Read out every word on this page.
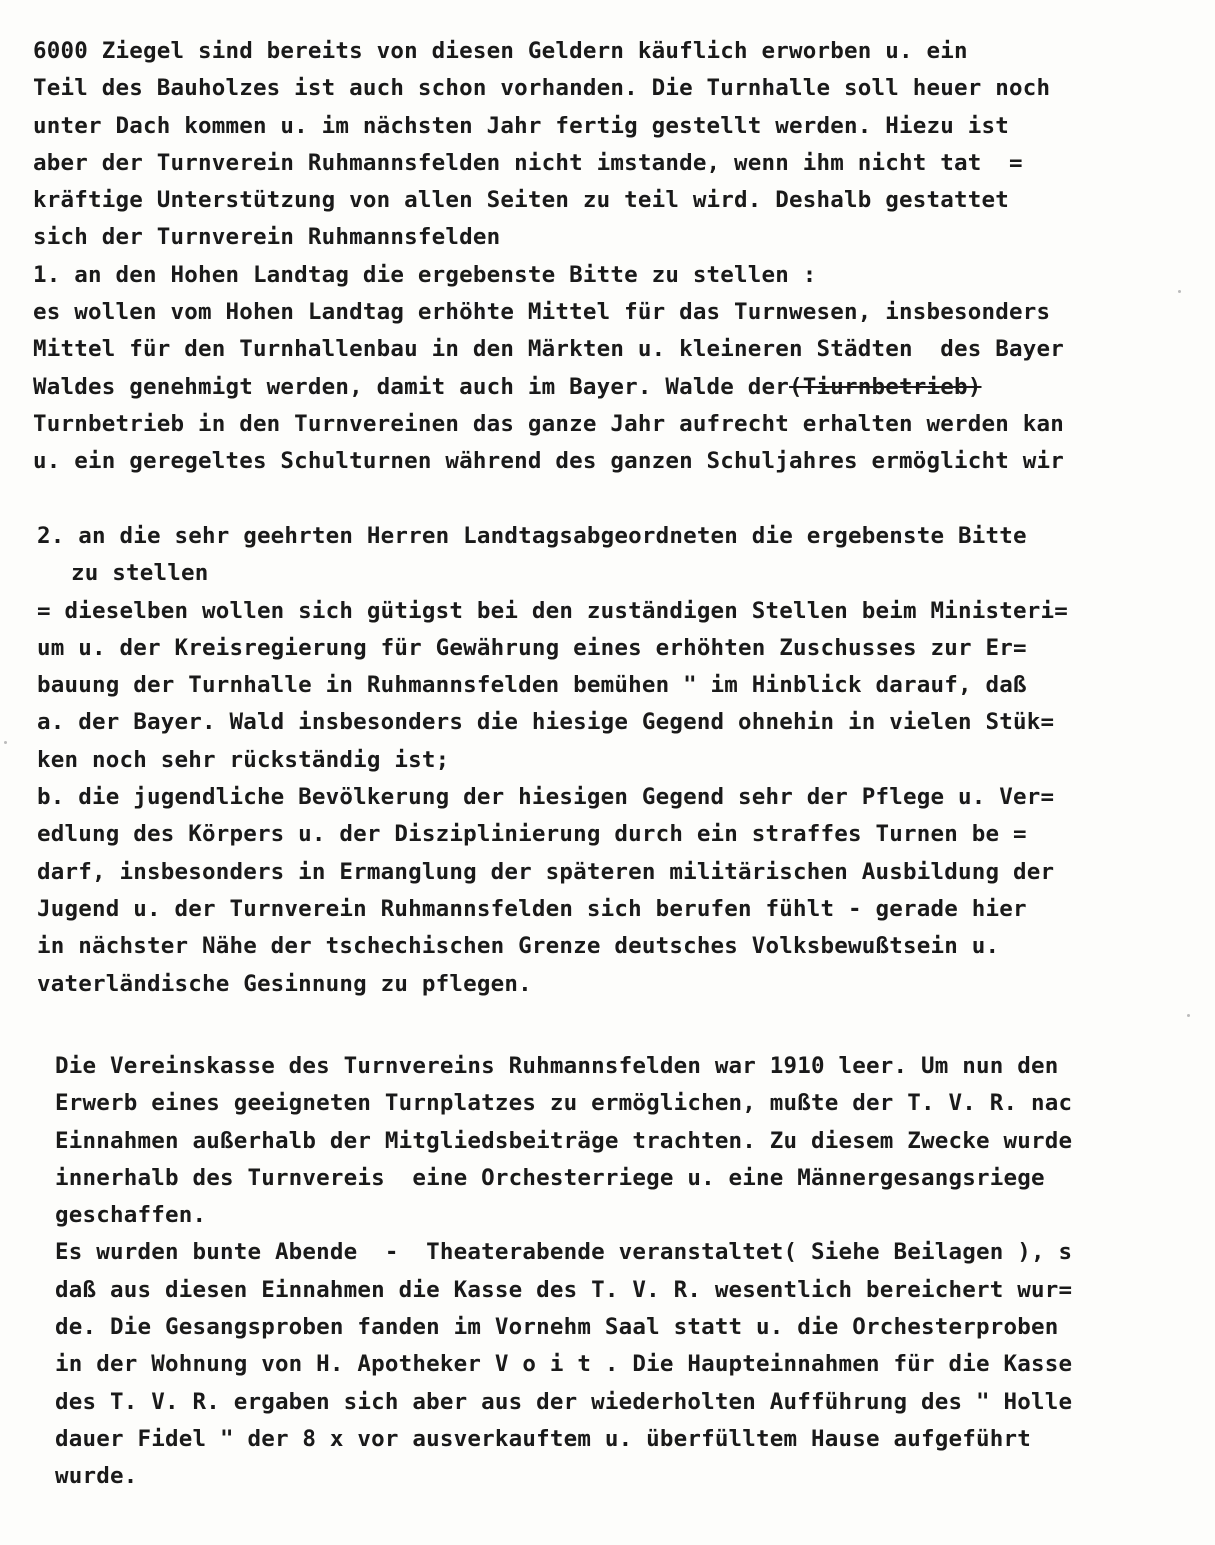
6000 Ziegel sind bereits von diesen Geldern käuflich erworben u. ein
Teil des Bauholzes ist auch schon vorhanden. Die Turnhalle soll heuer noch
unter Dach kommen u. im nächsten Jahr fertig gestellt werden. Hiezu ist
aber der Turnverein Ruhmannsfelden nicht imstande, wenn ihm nicht tat  =
kräftige Unterstützung von allen Seiten zu teil wird. Deshalb gestattet
sich der Turnverein Ruhmannsfelden
1. an den Hohen Landtag die ergebenste Bitte zu stellen :
es wollen vom Hohen Landtag erhöhte Mittel für das Turnwesen, insbesonders
Mittel für den Turnhallenbau in den Märkten u. kleineren Städten  des Bayer
Waldes genehmigt werden, damit auch im Bayer. Walde der(Tiurnbetrieb)
Turnbetrieb in den Turnvereinen das ganze Jahr aufrecht erhalten werden kan
u. ein geregeltes Schulturnen während des ganzen Schuljahres ermöglicht wir
2. an die sehr geehrten Herren Landtagsabgeordneten die ergebenste Bitte
zu stellen
= dieselben wollen sich gütigst bei den zuständigen Stellen beim Ministeri=
um u. der Kreisregierung für Gewährung eines erhöhten Zuschusses zur Er=
bauung der Turnhalle in Ruhmannsfelden bemühen " im Hinblick darauf, daß
a. der Bayer. Wald insbesonders die hiesige Gegend ohnehin in vielen Stük=
ken noch sehr rückständig ist;
b. die jugendliche Bevölkerung der hiesigen Gegend sehr der Pflege u. Ver=
edlung des Körpers u. der Disziplinierung durch ein straffes Turnen be =
darf, insbesonders in Ermanglung der späteren militärischen Ausbildung der
Jugend u. der Turnverein Ruhmannsfelden sich berufen fühlt - gerade hier
in nächster Nähe der tschechischen Grenze deutsches Volksbewußtsein u.
vaterländische Gesinnung zu pflegen.
Die Vereinskasse des Turnvereins Ruhmannsfelden war 1910 leer. Um nun den
Erwerb eines geeigneten Turnplatzes zu ermöglichen, mußte der T. V. R. nac
Einnahmen außerhalb der Mitgliedsbeiträge trachten. Zu diesem Zwecke wurde
innerhalb des Turnvereis  eine Orchesterriege u. eine Männergesangsriege
geschaffen.
Es wurden bunte Abende  -  Theaterabende veranstaltet( Siehe Beilagen ), s
daß aus diesen Einnahmen die Kasse des T. V. R. wesentlich bereichert wur=
de. Die Gesangsproben fanden im Vornehm Saal statt u. die Orchesterproben
in der Wohnung von H. Apotheker V o i t . Die Haupteinnahmen für die Kasse
des T. V. R. ergaben sich aber aus der wiederholten Aufführung des " Holle
dauer Fidel " der 8 x vor ausverkauftem u. überfülltem Hause aufgeführt
wurde.
